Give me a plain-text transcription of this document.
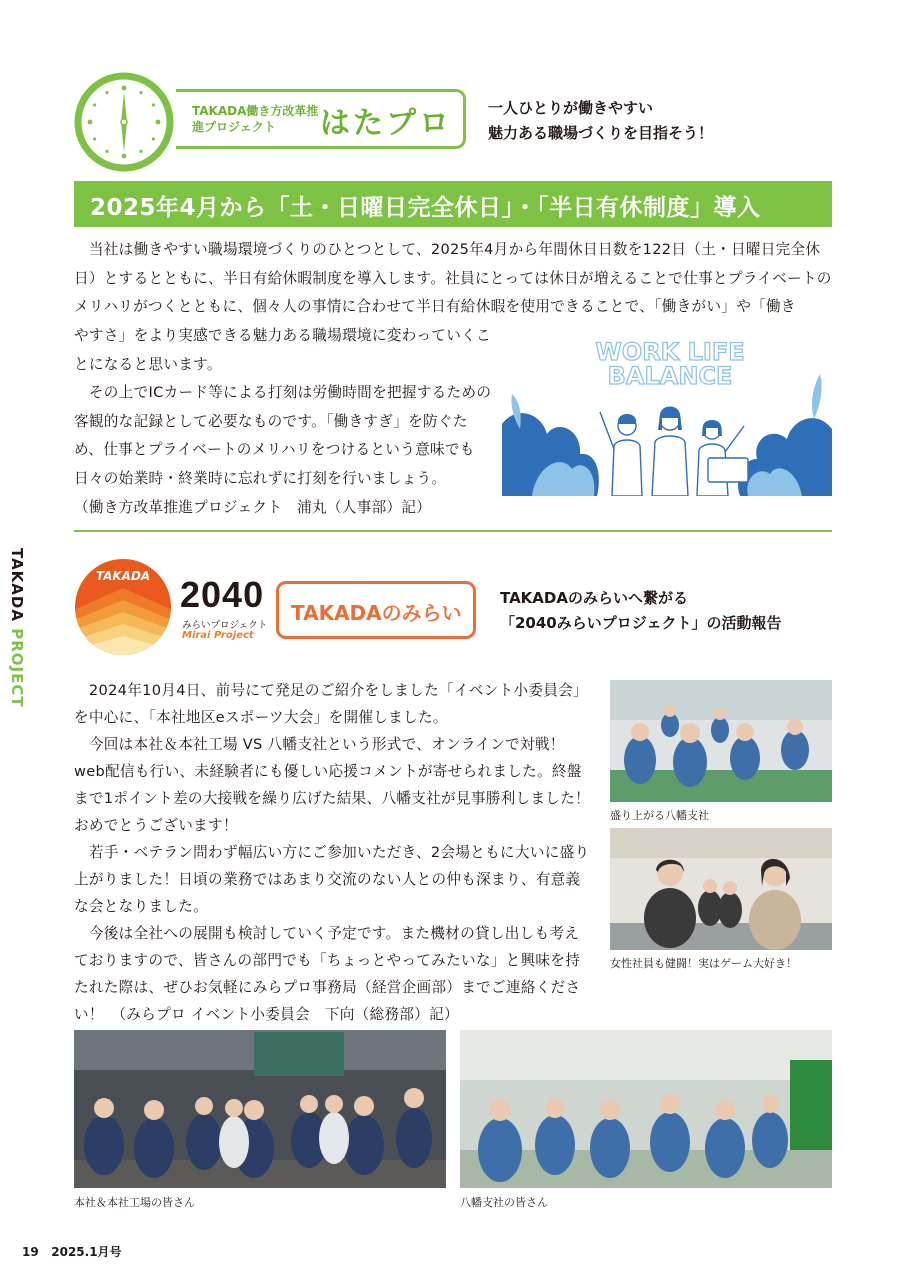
TAKADA PROJECT
TAKADA働き方改革推進プロジェクト	はたプロ 一人ひとりが働きやすい
魅力ある職場づくりを目指そう！
2025年4月から「土・日曜日完全休日」・「半日有休制度」導入
　当社は働きやすい職場環境づくりのひとつとして、2025年4月から年間休日日数を122日（土・日曜日完全休日）とするとともに、半日有給休暇制度を導入します。社員にとっては休日が増えることで仕事とプライベートのメリハリがつくとともに、個々人の事情に合わせて半日有給休暇を使用できることで、「働きがい」や「働き
やすさ」をより実感できる魅力ある職場環境に変わっていくことになると思います。
　その上でICカード等による打刻は労働時間を把握するための客観的な記録として必要なものです。「働きすぎ」を防ぐため、仕事とプライベートのメリハリをつけるという意味でも日々の始業時・終業時に忘れずに打刻を行いましょう。
（働き方改革推進プロジェクト　浦丸（人事部）記）
WORK LIFE
BALANCE
TAKADA 2040
みらいプロジェクト
Mirai Project
TAKADAのみらい
TAKADAのみらいへ繋がる
「2040みらいプロジェクト」の活動報告
　2024年10月4日、前号にて発足のご紹介をしました「イベント小委員会」を中心に、「本社地区eスポーツ大会」を開催しました。
　今回は本社＆本社工場 VS 八幡支社という形式で、オンラインで対戦！web配信も行い、未経験者にも優しい応援コメントが寄せられました。終盤まで1ポイント差の大接戦を繰り広げた結果、八幡支社が見事勝利しました！おめでとうございます！
　若手・ベテラン問わず幅広い方にご参加いただき、2会場ともに大いに盛り上がりました！日頃の業務ではあまり交流のない人との仲も深まり、有意義な会となりました。
　今後は全社への展開も検討していく予定です。また機材の貸し出しも考えておりますので、皆さんの部門でも「ちょっとやってみたいな」と興味を持たれた際は、ぜひお気軽にみらプロ事務局（経営企画部）までご連絡ください！　（みらプロ イベント小委員会　下向（総務部）記）
盛り上がる八幡支社
女性社員も健闘！実はゲーム大好き！
本社＆本社工場の皆さん	八幡支社の皆さん
19 2025.1月号
